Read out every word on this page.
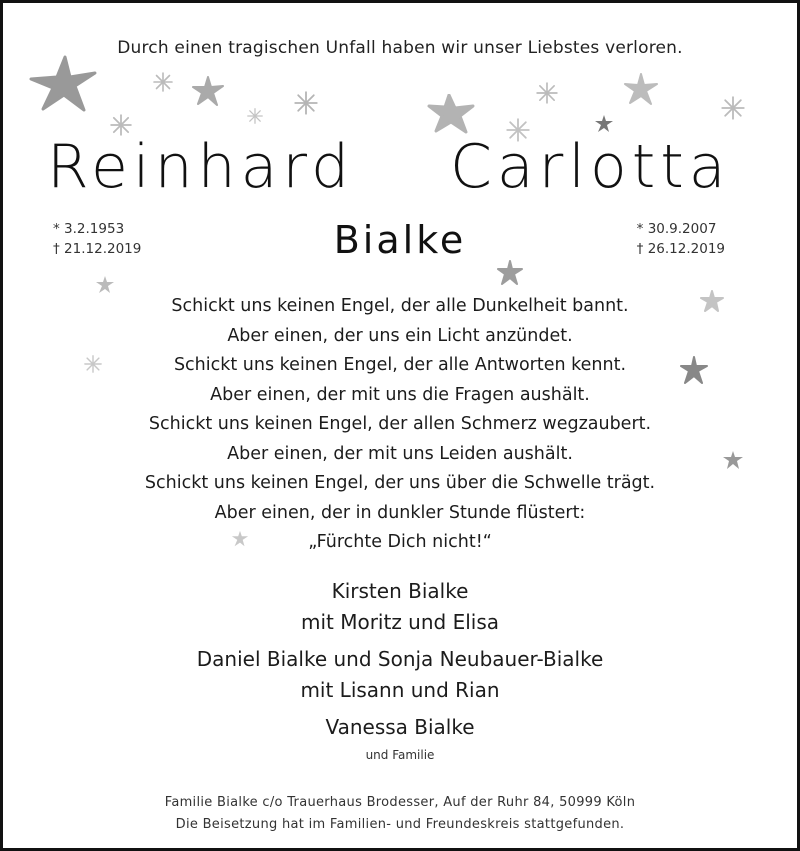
Durch einen tragischen Unfall haben wir unser Liebstes verloren.
Reinhard Carlotta
* 3.2.1953
† 21.12.2019	Bialke	* 30.9.2007
† 26.12.2019
Schickt uns keinen Engel, der alle Dunkelheit bannt.
Aber einen, der uns ein Licht anzündet.
Schickt uns keinen Engel, der alle Antworten kennt.
Aber einen, der mit uns die Fragen aushält.
Schickt uns keinen Engel, der allen Schmerz wegzaubert.
Aber einen, der mit uns Leiden aushält.
Schickt uns keinen Engel, der uns über die Schwelle trägt.
Aber einen, der in dunkler Stunde flüstert:
„Fürchte Dich nicht!“
Kirsten Bialke
mit Moritz und Elisa
Daniel Bialke und Sonja Neubauer-Bialke
mit Lisann und Rian
Vanessa Bialke
und Familie
Familie Bialke c/o Trauerhaus Brodesser, Auf der Ruhr 84, 50999 Köln
Die Beisetzung hat im Familien- und Freundeskreis stattgefunden.
